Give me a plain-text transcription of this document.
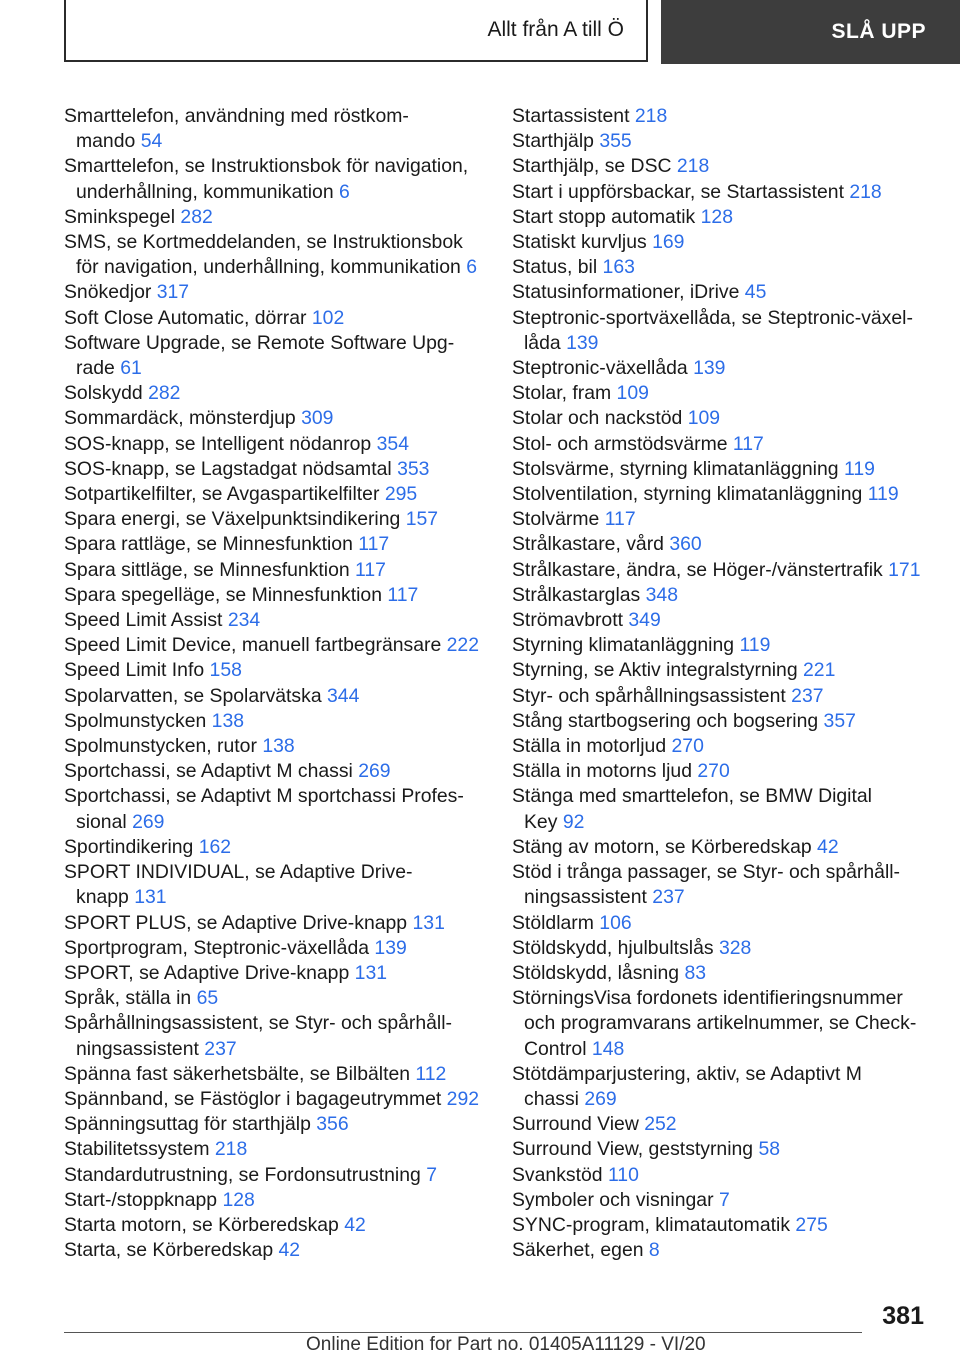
Allt från A till Ö	SLÅ UPP
Smarttelefon, användning med röstkom-
mando 54
Smarttelefon, se Instruktionsbok för navigation,
underhållning, kommunikation 6
Sminkspegel 282
SMS, se Kortmeddelanden, se Instruktionsbok
för navigation, underhållning, kommunikation 6
Snökedjor 317
Soft Close Automatic, dörrar 102
Software Upgrade, se Remote Software Upg-
rade 61
Solskydd 282
Sommardäck, mönsterdjup 309
SOS-knapp, se Intelligent nödanrop 354
SOS-knapp, se Lagstadgat nödsamtal 353
Sotpartikelfilter, se Avgaspartikelfilter 295
Spara energi, se Växelpunktsindikering 157
Spara rattläge, se Minnesfunktion 117
Spara sittläge, se Minnesfunktion 117
Spara spegelläge, se Minnesfunktion 117
Speed Limit Assist 234
Speed Limit Device, manuell fartbegränsare 222
Speed Limit Info 158
Spolarvatten, se Spolarvätska 344
Spolmunstycken 138
Spolmunstycken, rutor 138
Sportchassi, se Adaptivt M chassi 269
Sportchassi, se Adaptivt M sportchassi Profes-
sional 269
Sportindikering 162
SPORT INDIVIDUAL, se Adaptive Drive-
knapp 131
SPORT PLUS, se Adaptive Drive-knapp 131
Sportprogram, Steptronic-växellåda 139
SPORT, se Adaptive Drive-knapp 131
Språk, ställa in 65
Spårhållningsassistent, se Styr- och spårhåll-
ningsassistent 237
Spänna fast säkerhetsbälte, se Bilbälten 112
Spännband, se Fästöglor i bagageutrymmet 292
Spänningsuttag för starthjälp 356
Stabilitetssystem 218
Standardutrustning, se Fordonsutrustning 7
Start-/stoppknapp 128
Starta motorn, se Körberedskap 42
Starta, se Körberedskap 42
Startassistent 218
Starthjälp 355
Starthjälp, se DSC 218
Start i uppförsbackar, se Startassistent 218
Start stopp automatik 128
Statiskt kurvljus 169
Status, bil 163
Statusinformationer, iDrive 45
Steptronic-sportväxellåda, se Steptronic-växel-
låda 139
Steptronic-växellåda 139
Stolar, fram 109
Stolar och nackstöd 109
Stol- och armstödsvärme 117
Stolsvärme, styrning klimatanläggning 119
Stolventilation, styrning klimatanläggning 119
Stolvärme 117
Strålkastare, vård 360
Strålkastare, ändra, se Höger-/vänstertrafik 171
Strålkastarglas 348
Strömavbrott 349
Styrning klimatanläggning 119
Styrning, se Aktiv integralstyrning 221
Styr- och spårhållningsassistent 237
Stång startbogsering och bogsering 357
Ställa in motorljud 270
Ställa in motorns ljud 270
Stänga med smarttelefon, se BMW Digital
Key 92
Stäng av motorn, se Körberedskap 42
Stöd i trånga passager, se Styr- och spårhåll-
ningsassistent 237
Stöldlarm 106
Stöldskydd, hjulbultslås 328
Stöldskydd, låsning 83
StörningsVisa fordonets identifieringsnummer
och programvarans artikelnummer, se Check-
Control 148
Stötdämparjustering, aktiv, se Adaptivt M
chassi 269
Surround View 252
Surround View, geststyrning 58
Svankstöd 110
Symboler och visningar 7
SYNC-program, klimatautomatik 275
Säkerhet, egen 8
381
Online Edition for Part no. 01405A11129 - VI/20
